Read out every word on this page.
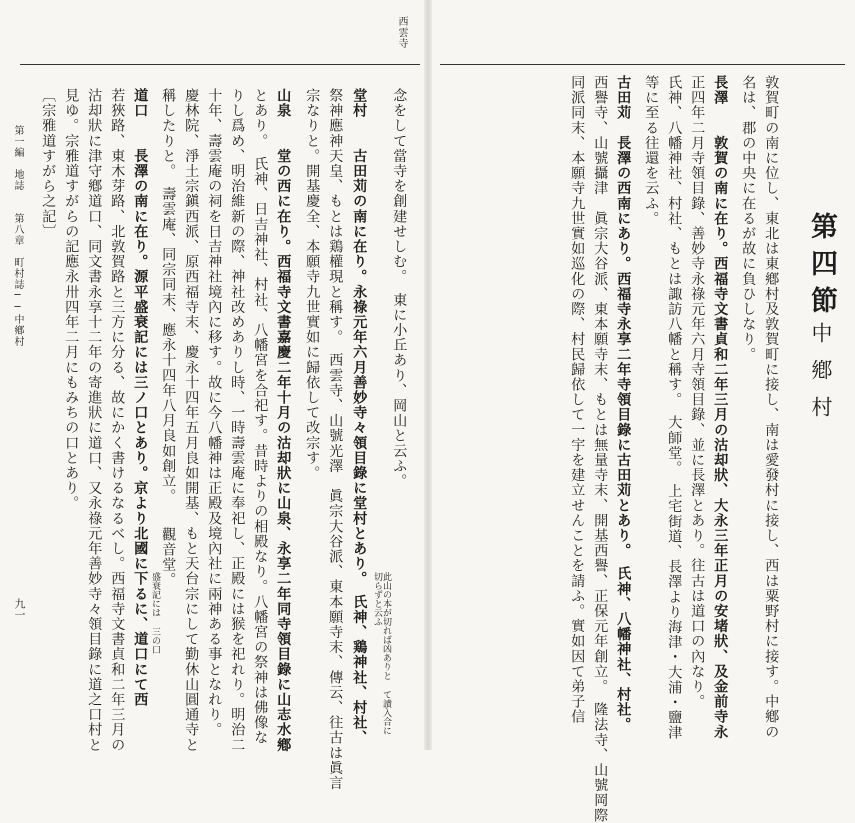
西雲寺
念をして當寺を創建せしむ。　東に小丘あり、岡山と云ふ。
此山の本が切れば凶ありと て讀入合に切らずと云ふ
堂村　　古田苅の南に在り。永祿元年六月善妙寺々領目錄に堂村とあり。　氏神、鶏神社、村社、
祭神應神天皇、もとは鶏權現と稱す。　西雲寺、山號光澤　眞宗大谷派、東本願寺末、傳云、往古は眞言
宗なりと。開基慶全、本願寺九世實如に歸依して改宗す。
山泉　　堂の西に在り。西福寺文書嘉慶二年十月の沽却狀に山泉、永享二年同寺領目錄に山志水鄕
とあり。　氏神、日吉神社、村社、八幡宮を合祀す。昔時よりの相殿なり。八幡宮の祭神は佛像な
りし爲め、明治維新の際、神社改めありし時、一時壽雲庵に奉祀し、正殿には猴を祀れり。明治二
十年、壽雲庵の祠を日吉神社境內に移す。故に今八幡神は正殿及境內社に兩神ある事となれり。
慶林院、淨土宗鎭西派、原西福寺末、慶永十四年五月良如開基、もと天台宗にして勤休山圓通寺と
稱したりと。　壽雲庵、同宗同末、應永十四年八月良如創立。　　觀音堂。
道口　　長澤の南に在り。源平盛衰記には三ノ口とあり。京より北國に下るに、道口にて西 盛衰記には 三の口
若狹路、東木芽路、北敦賀路と三方に分る、故にかく書けるなるべし。西福寺文書貞和二年三月の
沽却狀に津守鄕道口、同文書永享十二年の寄進狀に道口、又永祿元年善妙寺々領目錄に道之口村と
見ゆ。宗雅道すがらの記應永卅四年二月にもみちの口とあり。
〔宗雅道すがら之記〕
第一編　地誌　　第八章　町村誌──中鄕村
九一
第四節
中鄕村
敦賀町の南に位し、東北は東鄕村及敦賀町に接し、南は愛發村に接し、西は粟野村に接す。中鄕の
名は、郡の中央に在るが故に負ひしなり。
長澤　　敦賀の南に在り。西福寺文書貞和二年三月の沽却狀、大永三年正月の安堵狀、及金前寺永
正四年二月寺領目錄、善妙寺永祿元年六月寺領目錄、並に長澤とあり。往古は道口の內なり。
氏神、八幡神社、村社、もとは諏訪八幡と稱す。　大師堂。　上宅街道、長澤より海津・大浦・鹽津
等に至る往還を云ふ。
古田苅　長澤の西南にあり。西福寺永享二年寺領目錄に古田苅とあり。　氏神、八幡神社、村社。
西譽寺、山號攝津　眞宗大谷派、東本願寺末、もとは無量寺末、開基西譽、正保元年創立。　隆法寺、山號岡際
同派同末、本願寺九世實如巡化の際、村民歸依して一宇を建立せんことを請ふ。實如因て弟子信
